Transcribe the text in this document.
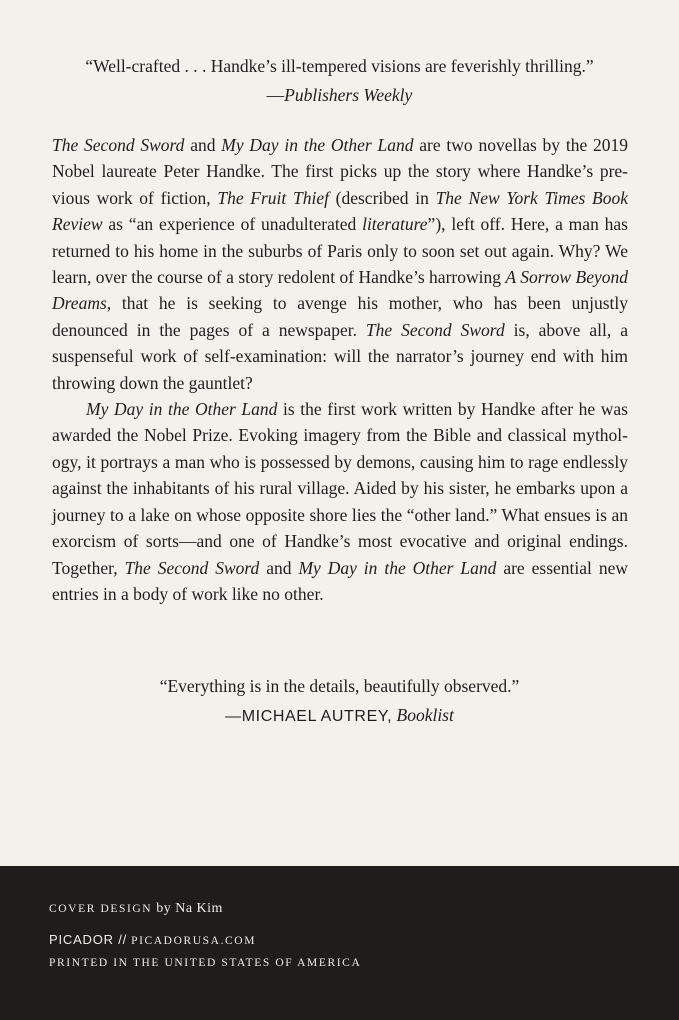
“Well-crafted . . . Handke’s ill-tempered visions are feverishly thrilling.”
—Publishers Weekly

The Second Sword and My Day in the Other Land are two novellas by the 2019 Nobel laureate Peter Handke. The first picks up the story where Handke’s previous work of fiction, The Fruit Thief (described in The New York Times Book Review as “an experience of unadulterated literature”), left off. Here, a man has returned to his home in the suburbs of Paris only to soon set out again. Why? We learn, over the course of a story redolent of Handke’s harrowing A Sorrow Beyond Dreams, that he is seeking to avenge his mother, who has been unjustly denounced in the pages of a newspaper. The Second Sword is, above all, a suspenseful work of self-examination: will the narrator’s journey end with him throwing down the gauntlet?

My Day in the Other Land is the first work written by Handke after he was awarded the Nobel Prize. Evoking imagery from the Bible and classical mythology, it portrays a man who is possessed by demons, causing him to rage endlessly against the inhabitants of his rural village. Aided by his sister, he embarks upon a journey to a lake on whose opposite shore lies the “other land.” What ensues is an exorcism of sorts—and one of Handke’s most evocative and original endings. Together, The Second Sword and My Day in the Other Land are essential new entries in a body of work like no other.

“Everything is in the details, beautifully observed.”
—MICHAEL AUTREY, Booklist
COVER DESIGN by Na Kim
PICADOR // PICADORUSA.COM
PRINTED IN THE UNITED STATES OF AMERICA
